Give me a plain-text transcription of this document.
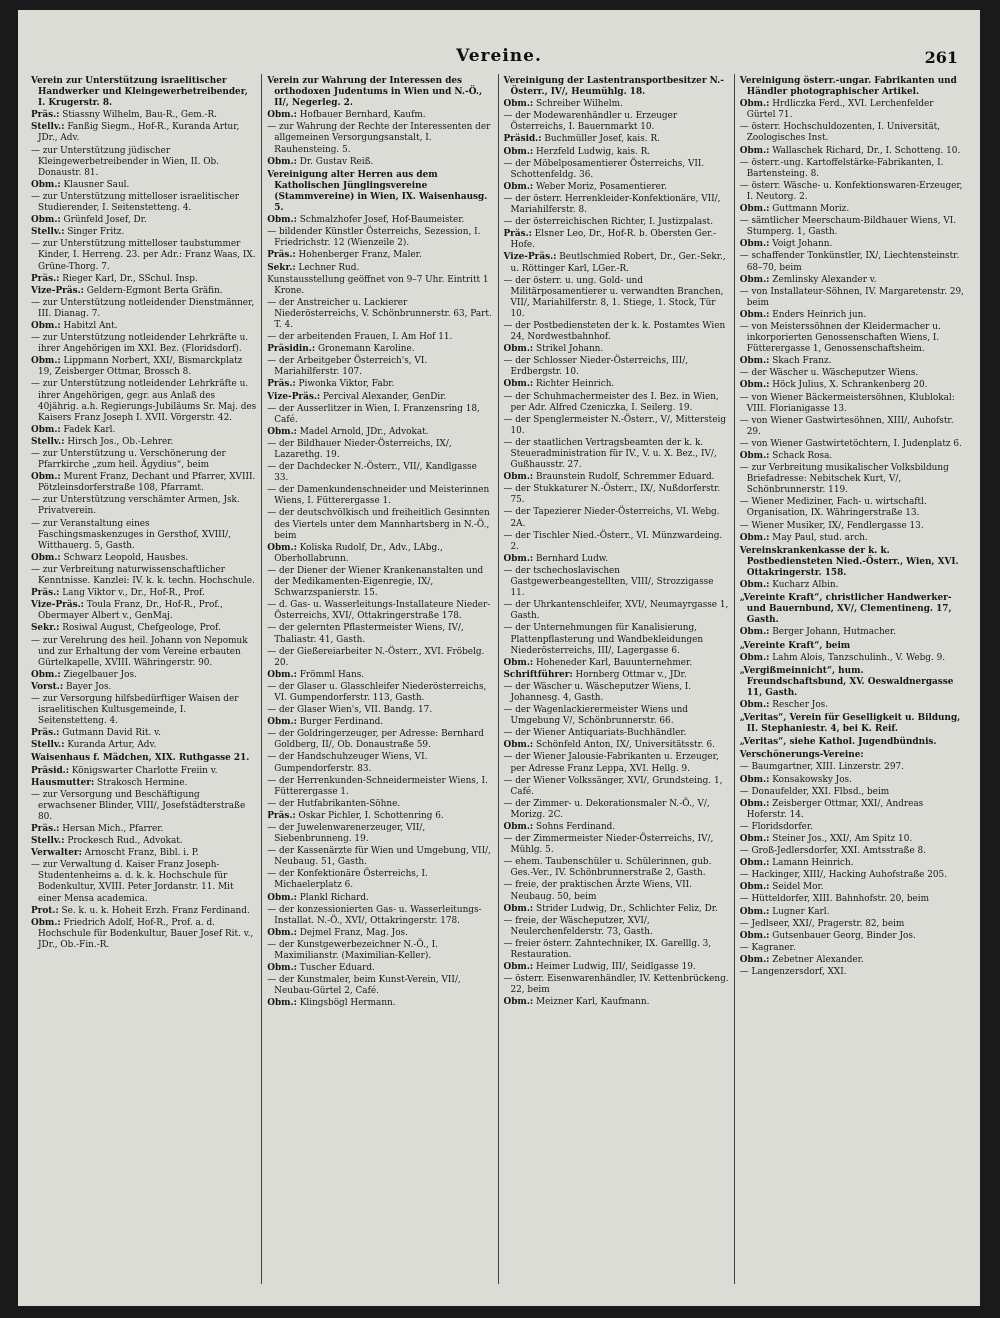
Vereine.	261
Verein zur Unterstützung israelitischer Handwerker und Kleingewerbetreibender, I. Krugerstr. 8.
Präs.: Stiassny Wilhelm, Bau-R., Gem.-R.
Stellv.: Fanßig Siegm., Hof-R., Kuranda Artur, JDr., Adv.
— zur Unterstützung jüdischer Kleingewerbetreibender in Wien, II. Ob. Donaustr. 81.
Obm.: Klausner Saul.
— zur Unterstützung mittelloser israelitischer Studierender, I. Seitenstetteng. 4.
Obm.: Grünfeld Josef, Dr.
Stellv.: Singer Fritz.
— zur Unterstützung mittelloser taubstummer Kinder, I. Herreng. 23. per Adr.: Franz Waas, IX. Grüne-Thorg. 7.
Präs.: Rieger Karl, Dr., SSchul. Insp.
Vize-Präs.: Geldern-Egmont Berta Gräfin.
— zur Unterstützung notleidender Dienstmänner, III. Dianag. 7.
Obm.: Habitzl Ant.
— zur Unterstützung notleidender Lehrkräfte u. ihrer Angehörigen im XXI. Bez. (Floridsdorf).
Obm.: Lippmann Norbert, XXI/, Bismarckplatz 19, Zeisberger Ottmar, Brossch 8.
— zur Unterstützung notleidender Lehrkräfte u. ihrer Angehörigen, gegr. aus Anlaß des 40jährig. a.h. Regierungs-Jubiläums Sr. Maj. des Kaisers Franz Joseph I. XVII. Vörgerstr. 42.
Obm.: Fadek Karl.
Stellv.: Hirsch Jos., Ob.-Lehrer.
— zur Unterstützung u. Verschönerung der Pfarrkirche „zum heil. Ägydius“, beim
Obm.: Murent Franz, Dechant und Pfarrer, XVIII. Pötzleinsdorferstraße 108, Pfarramt.
— zur Unterstützung verschämter Armen, Jsk. Privatverein.
— zur Veranstaltung eines Faschingsmaskenzuges in Gersthof, XVIII/, Witthauerg. 5, Gasth.
Obm.: Schwarz Leopold, Hausbes.
— zur Verbreitung naturwissenschaftlicher Kenntnisse. Kanzlei: IV. k. k. techn. Hochschule.
Präs.: Lang Viktor v., Dr., Hof-R., Prof.
Vize-Präs.: Toula Franz, Dr., Hof-R., Prof., Obermayer Albert v., GenMaj.
Sekr.: Rosiwal August, Chefgeologe, Prof.
— zur Verehrung des heil. Johann von Nepomuk und zur Erhaltung der vom Vereine erbauten Gürtelkapelle, XVIII. Währingerstr. 90.
Obm.: Ziegelbauer Jos.
Vorst.: Bayer Jos.
— zur Versorgung hilfsbedürftiger Waisen der israelitischen Kultusgemeinde, I. Seitenstetteng. 4.
Präs.: Gutmann David Rit. v.
Stellv.: Kuranda Artur, Adv.
Waisenhaus f. Mädchen, XIX. Ruthgasse 21.
Präsid.: Königswarter Charlotte Freiin v.
Hausmutter: Strakosch Hermine.
— zur Versorgung und Beschäftigung erwachsener Blinder, VIII/, Josefstädterstraße 80.
Präs.: Hersan Mich., Pfarrer.
Stellv.: Prockesch Rud., Advokat.
Verwalter: Arnoscht Franz, Bibl. i. P.
— zur Verwaltung d. Kaiser Franz Joseph-Studentenheims a. d. k. k. Hochschule für Bodenkultur, XVIII. Peter Jordanstr. 11. Mit einer Mensa academica.
Prot.: Se. k. u. k. Hoheit Erzh. Franz Ferdinand.
Obm.: Friedrich Adolf, Hof-R., Prof. a. d. Hochschule für Bodenkultur, Bauer Josef Rit. v., JDr., Ob.-Fin.-R.
Verein zur Wahrung der Interessen des orthodoxen Judentums in Wien und N.-Ö., II/, Negerleg. 2.
Obm.: Hofbauer Bernhard, Kaufm.
— zur Wahrung der Rechte der Interessenten der allgemeinen Versorgungsanstalt, I. Rauhensteing. 5.
Obm.: Dr. Gustav Reiß.
Vereinigung alter Herren aus dem Katholischen Jünglingsvereine (Stammvereine) in Wien, IX. Waisenhausg. 5.
Obm.: Schmalzhofer Josef, Hof-Baumeister.
— bildender Künstler Österreichs, Sezession, I. Friedrichstr. 12 (Wienzeile 2).
Präs.: Hohenberger Franz, Maler.
Sekr.: Lechner Rud.
Kunstausstellung geöffnet von 9–7 Uhr. Eintritt 1 Krone.
— der Anstreicher u. Lackierer Niederösterreichs, V. Schönbrunnerstr. 63, Part. T. 4.
— der arbeitenden Frauen, I. Am Hof 11.
Präsidin.: Gronemann Karoline.
— der Arbeitgeber Österreich's, VI. Mariahilferstr. 107.
Präs.: Piwonka Viktor, Fabr.
Vize-Präs.: Percival Alexander, GenDir.
— der Ausserlitzer in Wien, I. Franzensring 18, Café.
Obm.: Madel Arnold, JDr., Advokat.
— der Bildhauer Nieder-Österreichs, IX/, Lazarethg. 19.
— der Dachdecker N.-Österr., VII/, Kandlgasse 33.
— der Damenkundenschneider und Meisterinnen Wiens, I. Fütterergasse 1.
— der deutschvölkisch und freiheitlich Gesinnten des Viertels unter dem Mannhartsberg in N.-Ö., beim
Obm.: Koliska Rudolf, Dr., Adv., LAbg., Oberhollabrunn.
— der Diener der Wiener Krankenanstalten und der Medikamenten-Eigenregie, IX/, Schwarzspanierstr. 15.
— d. Gas- u. Wasserleitungs-Installateure Nieder-Österreichs, XVI/, Ottakringerstraße 178.
— der gelernten Pflastermeister Wiens, IV/, Thaliastr. 41, Gasth.
— der Gießereiarbeiter N.-Österr., XVI. Fröbelg. 20.
Obm.: Frömml Hans.
— der Glaser u. Glasschleifer Niederösterreichs, VI. Gumpendorferstr. 113, Gasth.
— der Glaser Wien's, VII. Bandg. 17.
Obm.: Burger Ferdinand.
— der Goldringerzeuger, per Adresse: Bernhard Goldberg, II/, Ob. Donaustraße 59.
— der Handschuhzeuger Wiens, VI. Gumpendorferstr. 83.
— der Herrenkunden-Schneidermeister Wiens, I. Fütterergasse 1.
— der Hutfabrikanten-Söhne.
Präs.: Oskar Pichler, I. Schottenring 6.
— der Juwelenwarenerzeuger, VII/, Siebenbrunneng. 19.
— der Kassenärzte für Wien und Umgebung, VII/, Neubaug. 51, Gasth.
— der Konfektionäre Österreichs, I. Michaelerplatz 6.
Obm.: Plankl Richard.
— der konzessionierten Gas- u. Wasserleitungs-Installat. N.-Ö., XVI/, Ottakringerstr. 178.
Obm.: Dejmel Franz, Mag. Jos.
— der Kunstgewerbezeichner N.-Ö., I. Maximilianstr. (Maximilian-Keller).
Obm.: Tuscher Eduard.
— der Kunstmaler, beim Kunst-Verein, VII/, Neubau-Gürtel 2, Café.
Obm.: Klingsbögl Hermann.
Vereinigung der Lastentransportbesitzer N.-Österr., IV/, Heumühlg. 18.
Obm.: Schreiber Wilhelm.
— der Modewarenhändler u. Erzeuger Österreichs, I. Bauernmarkt 10.
Präsid.: Buchmüller Josef, kais. R.
Obm.: Herzfeld Ludwig, kais. R.
— der Möbelposamentierer Österreichs, VII. Schottenfeldg. 36.
Obm.: Weber Moriz, Posamentierer.
— der österr. Herrenkleider-Konfektionäre, VII/, Mariahilferstr. 8.
— der österreichischen Richter, I. Justizpalast.
Präs.: Elsner Leo, Dr., Hof-R. b. Obersten Ger.-Hofe.
Vize-Präs.: Beutlschmied Robert, Dr., Ger.-Sekr., u. Röttinger Karl, LGer.-R.
— der österr. u. ung. Gold- und Militärposamentierer u. verwandten Branchen, VII/, Mariahilferstr. 8, 1. Stiege, 1. Stock, Tür 10.
— der Postbediensteten der k. k. Postamtes Wien 24, Nordwestbahnhof.
Obm.: Strikel Johann.
— der Schlosser Nieder-Österreichs, III/, Erdbergstr. 10.
Obm.: Richter Heinrich.
— der Schuhmachermeister des I. Bez. in Wien, per Adr. Alfred Czeniczka, I. Seilerg. 19.
— der Spenglermeister N.-Österr., V/, Mittersteig 10.
— der staatlichen Vertragsbeamten der k. k. Steueradministration für IV., V. u. X. Bez., IV/, Gußhausstr. 27.
Obm.: Braunstein Rudolf, Schremmer Eduard.
— der Stukkaturer N.-Österr., IX/, Nußdorferstr. 75.
— der Tapezierer Nieder-Österreichs, VI. Webg. 2A.
— der Tischler Nied.-Österr., VI. Münzwardeing. 2.
Obm.: Bernhard Ludw.
— der tschechoslavischen Gastgewerbeangestellten, VIII/, Strozzigasse 11.
— der Uhrkantenschleifer, XVI/, Neumayrgasse 1, Gasth.
— der Unternehmungen für Kanalisierung, Plattenpflasterung und Wandbekleidungen Niederösterreichs, III/, Lagergasse 6.
Obm.: Hoheneder Karl, Bauunternehmer.
Schriftführer: Hornberg Ottmar v., JDr.
— der Wäscher u. Wäscheputzer Wiens, I. Johannesg. 4, Gasth.
— der Wagenlackierermeister Wiens und Umgebung V/, Schönbrunnerstr. 66.
— der Wiener Antiquariats-Buchhändler.
Obm.: Schönfeld Anton, IX/, Universitätsstr. 6.
— der Wiener Jalousie-Fabrikanten u. Erzeuger, per Adresse Franz Leppa, XVI. Hellg. 9.
— der Wiener Volkssänger, XVI/, Grundsteing. 1, Café.
— der Zimmer- u. Dekorationsmaler N.-Ö., V/, Morizg. 2C.
Obm.: Sohns Ferdinand.
— der Zimmermeister Nieder-Österreichs, IV/, Mühlg. 5.
— ehem. Taubenschüler u. Schülerinnen, gub. Ges.-Ver., IV. Schönbrunnerstraße 2, Gasth.
— freie, der praktischen Ärzte Wiens, VII. Neubaug. 50, beim
Obm.: Strider Ludwig, Dr., Schlichter Feliz, Dr.
— freie, der Wäscheputzer, XVI/, Neulerchenfelderstr. 73, Gasth.
— freier österr. Zahntechniker, IX. Garelllg. 3, Restauration.
Obm.: Heimer Ludwig, III/, Seidlgasse 19.
— österr. Eisenwarenhändler, IV. Kettenbrückeng. 22, beim
Obm.: Meizner Karl, Kaufmann.
Vereinigung österr.-ungar. Fabrikanten und Händler photographischer Artikel.
Obm.: Hrdliczka Ferd., XVI. Lerchenfelder Gürtel 71.
— österr. Hochschuldozenten, I. Universität, Zoologisches Inst.
Obm.: Wallaschek Richard, Dr., I. Schotteng. 10.
— österr.-ung. Kartoffelstärke-Fabrikanten, I. Bartensteing. 8.
— österr. Wäsche- u. Konfektionswaren-Erzeuger, I. Neutorg. 2.
Obm.: Guttmann Moriz.
— sämtlicher Meerschaum-Bildhauer Wiens, VI. Stumperg. 1, Gasth.
Obm.: Voigt Johann.
— schaffender Tonkünstler, IX/, Liechtensteinstr. 68–70, beim
Obm.: Zemlinsky Alexander v.
— von Installateur-Söhnen, IV. Margaretenstr. 29, beim
Obm.: Enders Heinrich jun.
— von Meisterssöhnen der Kleidermacher u. inkorporierten Genossenschaften Wiens, I. Fütterergasse 1, Genossenschaftsheim.
Obm.: Skach Franz.
— der Wäscher u. Wäscheputzer Wiens.
Obm.: Höck Julius, X. Schrankenberg 20.
— von Wiener Bäckermeistersöhnen, Klublokal: VIII. Florianigasse 13.
— von Wiener Gastwirtesöhnen, XIII/, Auhofstr. 29.
— von Wiener Gastwirtetöchtern, I. Judenplatz 6.
Obm.: Schack Rosa.
— zur Verbreitung musikalischer Volksbildung Briefadresse: Nebitschek Kurt, V/, Schönbrunnerstr. 119.
— Wiener Mediziner, Fach- u. wirtschaftl. Organisation, IX. Währingerstraße 13.
— Wiener Musiker, IX/, Fendlergasse 13.
Obm.: May Paul, stud. arch.
Vereinskrankenkasse der k. k. Postbediensteten Nied.-Österr., Wien, XVI. Ottakringerstr. 158.
Obm.: Kucharz Albin.
„Vereinte Kraft“, christlicher Handwerker- und Bauernbund, XV/, Clementineng. 17, Gasth.
Obm.: Berger Johann, Hutmacher.
„Vereinte Kraft“, beim
Obm.: Lahm Alois, Tanzschulinh., V. Webg. 9.
„Vergißmeinnicht“, hum. Freundschaftsbund, XV. Oeswaldnergasse 11, Gasth.
Obm.: Rescher Jos.
„Veritas“, Verein für Geselligkeit u. Bildung, II. Stephaniestr. 4, bei K. Reif.
„Veritas“, siehe Kathol. Jugendbündnis.
Verschönerungs-Vereine:
— Baumgartner, XIII. Linzerstr. 297.
Obm.: Konsakowsky Jos.
— Donaufelder, XXI. Flbsd., beim
Obm.: Zeisberger Ottmar, XXI/, Andreas Hoferstr. 14.
— Floridsdorfer.
Obm.: Steiner Jos., XXI/, Am Spitz 10.
— Groß-Jedlersdorfer, XXI. Amtsstraße 8.
Obm.: Lamann Heinrich.
— Hackinger, XIII/, Hacking Auhofstraße 205.
Obm.: Seidel Mor.
— Hütteldorfer, XIII. Bahnhofstr. 20, beim
Obm.: Lugner Karl.
— Jedlseer, XXI/, Pragerstr. 82, beim
Obm.: Gutsenbauer Georg, Binder Jos.
— Kagraner.
Obm.: Zebetner Alexander.
— Langenzersdorf, XXI.
